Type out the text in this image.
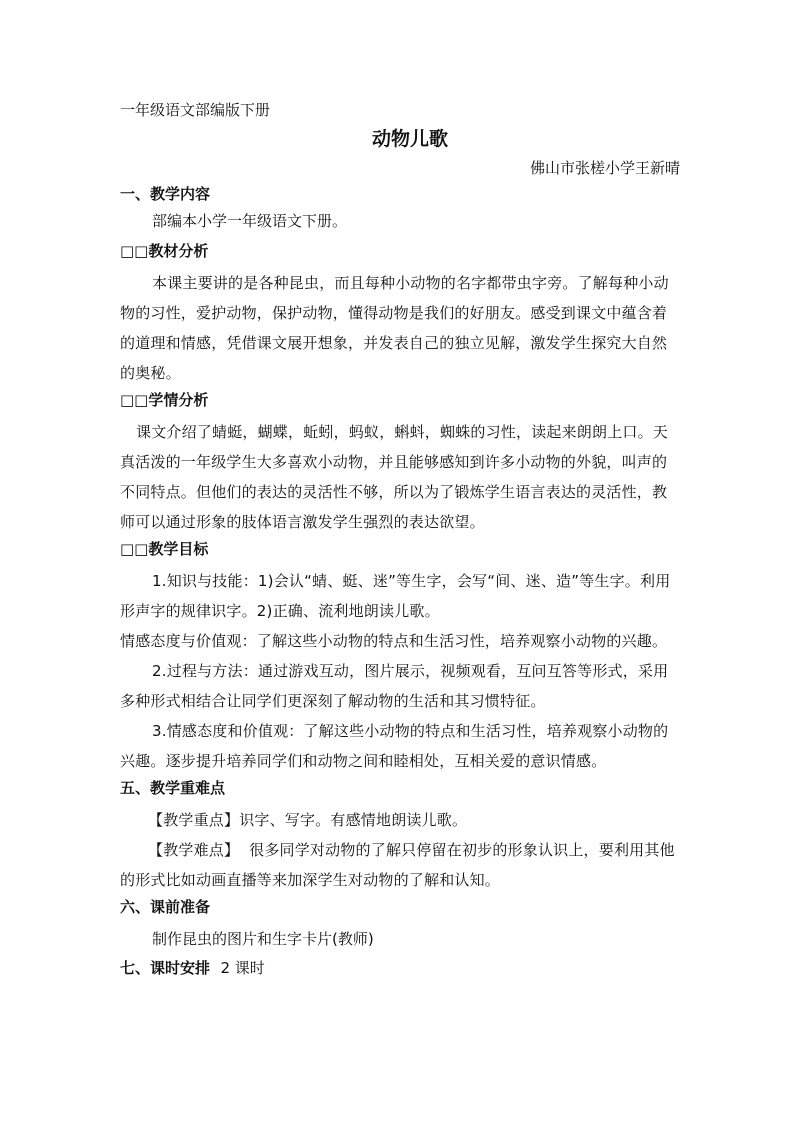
一年级语文部编版下册
动物儿歌
佛山市张槎小学王新晴
一、教学内容
部编本小学一年级语文下册。
□□教材分析
本课主要讲的是各种昆虫，而且每种小动物的名字都带虫字旁。了解每种小动物的习性，爱护动物，保护动物，懂得动物是我们的好朋友。感受到课文中蕴含着的道理和情感，凭借课文展开想象，并发表自己的独立见解，激发学生探究大自然的奥秘。
□□学情分析
课文介绍了蜻蜓，蝴蝶，蚯蚓，蚂蚁，蝌蚪，蜘蛛的习性，读起来朗朗上口。天真活泼的一年级学生大多喜欢小动物，并且能够感知到许多小动物的外貌，叫声的不同特点。但他们的表达的灵活性不够，所以为了锻炼学生语言表达的灵活性，教师可以通过形象的肢体语言激发学生强烈的表达欲望。
□□教学目标
1.知识与技能：1)会认“蜻、蜓、迷”等生字，会写“间、迷、造”等生字。利用形声字的规律识字。2)正确、流利地朗读儿歌。
情感态度与价值观：了解这些小动物的特点和生活习性，培养观察小动物的兴趣。
2.过程与方法：通过游戏互动，图片展示，视频观看，互问互答等形式，采用多种形式相结合让同学们更深刻了解动物的生活和其习惯特征。
3.情感态度和价值观：了解这些小动物的特点和生活习性，培养观察小动物的兴趣。逐步提升培养同学们和动物之间和睦相处，互相关爱的意识情感。
五、教学重难点
【教学重点】识字、写字。有感情地朗读儿歌。
【教学难点】 很多同学对动物的了解只停留在初步的形象认识上，要利用其他的形式比如动画直播等来加深学生对动物的了解和认知。
六、课前准备
制作昆虫的图片和生字卡片(教师)
七、课时安排 2 课时
